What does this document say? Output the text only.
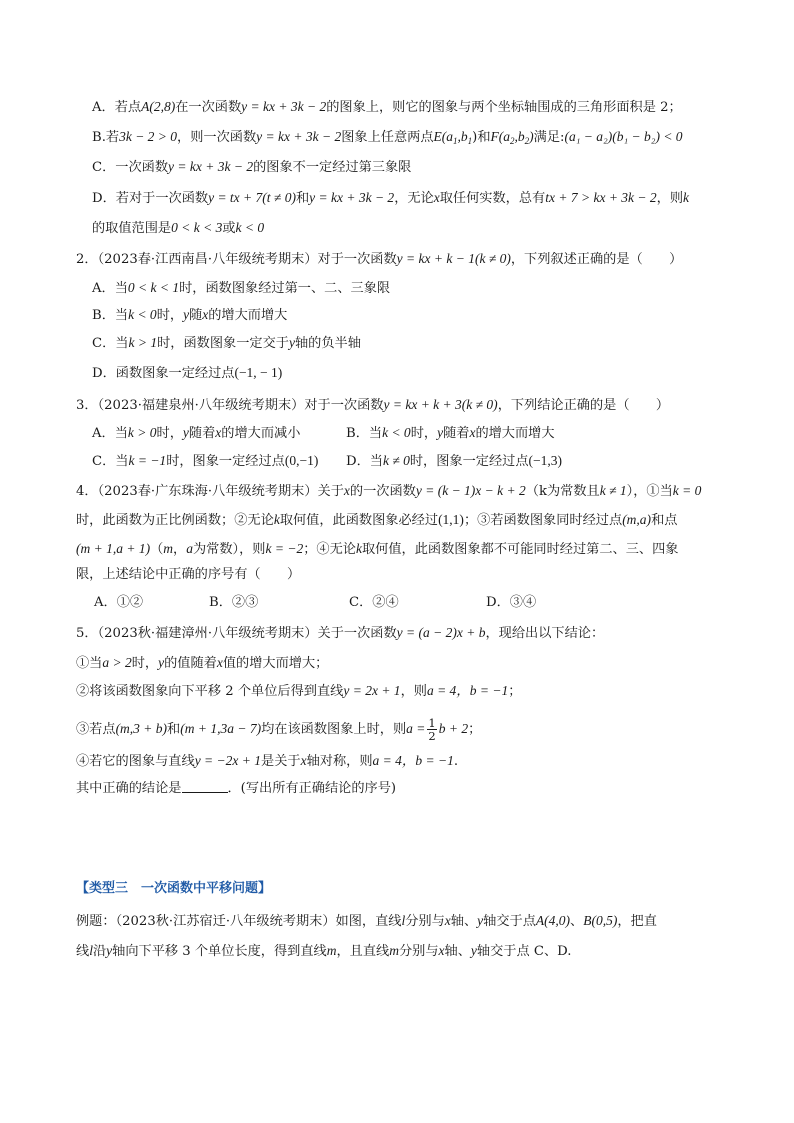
A．若点A(2,8)在一次函数y = kx + 3k − 2的图象上，则它的图象与两个坐标轴围成的三角形面积是 2；
B.若3k − 2 > 0，则一次函数y = kx + 3k − 2图象上任意两点$E(a_1,b_1)$和$F(a_2,b_2)$满足:(a₁ − a₂)(b₁ − b₂) < 0
C．一次函数y = kx + 3k − 2的图象不一定经过第三象限
D．若对于一次函数y = tx + 7(t ≠ 0)和y = kx + 3k − 2，无论x取任何实数，总有tx + 7 > kx + 3k − 2，则k
的取值范围是0 < k < 3或k < 0
2．（2023春·江西南昌·八年级统考期末）对于一次函数y = kx + k − 1(k ≠ 0)，下列叙述正确的是（　　）
A．当0 < k < 1时，函数图象经过第一、二、三象限
B．当k < 0时，y随x的增大而增大
C．当k > 1时，函数图象一定交于y轴的负半轴
D．函数图象一定经过点(−1, − 1)
3．（2023·福建泉州·八年级统考期末）对于一次函数y = kx + k + 3(k ≠ 0)，下列结论正确的是（　　）
A．当k > 0时，y随着x的增大而减小	B．当k < 0时，y随着x的增大而增大
C．当k = −1时，图象一定经过点(0,−1) D．当k ≠ 0时，图象一定经过点(−1,3)
4．（2023春·广东珠海·八年级统考期末）关于x的一次函数y = (k − 1)x − k + 2（k为常数且k ≠ 1），①当k = 0
时，此函数为正比例函数；②无论k取何值，此函数图象必经过(1,1)；③若函数图象同时经过点(m,a)和点
(m + 1,a + 1)（m，a为常数），则k = −2；④无论k取何值，此函数图象都不可能同时经过第二、三、四象
限，上述结论中正确的序号有（　　）
A．①②	B．②③	C．②④	D．③④
5．（2023秋·福建漳州·八年级统考期末）关于一次函数y = (a − 2)x + b，现给出以下结论：
①当a > 2时，y的值随着x值的增大而增大；
②将该函数图象向下平移 2 个单位后得到直线y = 2x + 1，则a = 4，b = −1；
③若点(m,3 + b)和(m + 1,3a − 7)均在该函数图象上时，则$a = \frac{1}{2}$ b + 2；
④若它的图象与直线y = −2x + 1是关于x轴对称，则a = 4，b = −1.
其中正确的结论是	．(写出所有正确结论的序号)
【类型三　一次函数中平移问题】
例题：（2023秋·江苏宿迁·八年级统考期末）如图，直线l分别与x轴、y轴交于点A(4,0)、B(0,5)，把直
线l沿y轴向下平移 3 个单位长度，得到直线m，且直线m分别与x轴、y轴交于点 C、D.
